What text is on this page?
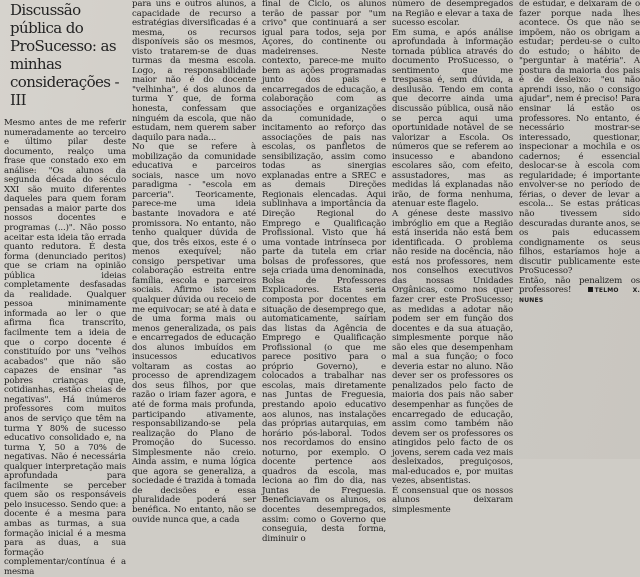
Discussão pública do ProSucesso: as minhas considerações - III

Mesmo antes de me referir numeradamente ao terceiro e último pilar deste documento, realço uma frase que constado exo em análise: "Os alunos da segunda década do século XXI são muito diferentes daqueles para quem foram pensadas a maior parte dos nossos docentes e programas (...)". Não posso aceitar esta ideia tão errada quanto redutora. É desta forma (denunciado peritos) que se criam na opinião pública ideias completamente desfasadas da realidade. Qualquer pessoa minimamente informada ao ler o que afirma fica transcrito, facilmente tem a ideia de que o corpo docente é constituído por uns "velhos acabados" que não são capazes de ensinar "as pobres crianças que, cotidianhas, estão cheias de negativas". Há inúmeros professores com muitos anos de serviço que têm na turma Y 80% de sucesso educativo consolidado e, na turma Y, 50 a 70% de negativas. Não é necessária qualquer interpretação mais aprofundada para facilmente se perceber quem são os responsáveis pelo insucesso. Sendo que: a docente é a mesma para ambas as turmas, a sua formação inicial é a mesma para as duas, a sua formação complementar/contínua é a mesma

para uns e outros alunos, a capacidade de recurso a estratégias diversificadas é a mesma, os recursos disponíveis são os mesmos, visto tratarem-se de duas turmas da mesma escola. Logo, a responsabilidade maior não é do docente "velhinha", é dos alunos da turma Y que, de forma honesta, confessam que ninguém da escola, que não estudam, nem querem saber daquilo para nada...
No que se refere à mobilização da comunidade educativa e parceiros sociais, nasce um novo paradigma - "escola em parceria". Teoricamente, parece-me uma ideia bastante inovadora e até promissora. No entanto, não tenho qualquer dúvida de que, dos três eixos, este é o menos exequível; não consigo perspetivar uma colaboração estreita entre família, escola e parceiros sociais. Afirmo isto sem qualquer dúvida ou receio de me equivocar; se até à data e de uma forma mais ou menos generalizada, os pais e encarregados de educação dos alunos imbuídos em insucessos educativos voltaram as costas ao processo de aprendizagem dos seus filhos, por que razão o iriam fazer agora, e até de forma mais profunda, participando ativamente, responsabilizando-se pela realização do Plano de Promoção do Sucesso. Simplesmente não creio. Ainda assim, e numa lógica que agora se generaliza, a sociedade é trazida à tomada de decisões e essa pluralidade poderá ser benéfica. No entanto, não se ouvide nunca que, a cada

final de Ciclo, os alunos terão de passar por "um crivo" que continuará a ser igual para todos, seja por Açores, do continente ou madeirenses. Neste contexto, parece-me muito bem as ações programadas junto dos pais e encarregados de educação, a colaboração com as associações e organizações da comunidade, o incitamento ao reforço das associações de pais nas escolas, os panfletos de sensibilização, assim como todas as sinergias explanadas entre a SREC e as demais Direções Regionais elencadas. Aqui sublinhava a importância da Direção Regional do Emprego e Qualificação Profissional. Visto que há uma vontade intrínseca por parte da tutela em criar bolsas de professores, que seja criada uma denominada, Bolsa de Professores Explicadores. Esta seria composta por docentes em situação de desemprego que, automaticamente, saíriam das listas da Agência de Emprego e Qualificação Profissional (o que me parece positivo para o próprio Governo), e colocados a trabalhar nas escolas, mais diretamente nas Juntas de Freguesia, prestando apoio educativo aos alunos, nas instalações das próprias autarquias, em horário pós-laboral. Todos nos recordamos do ensino noturno, por exemplo. O docente pertence aos quadros da escola, mas leciona ao fim do dia, nas Juntas de Freguesia. Beneficiavam os alunos, os docentes desempregados, assim: como o Governo que conseguia, desta forma, diminuir o

número de desempregados na Região e elevar a taxa de sucesso escolar.
Em suma, e após análise aprofundada à informação tornada pública através do documento ProSucesso, o sentimento que me trespassa é, sem dúvida, a desilusão. Tendo em conta que decorre ainda uma discussão pública, ousã não se perca aqui uma oportunidade notável de se valorizar a Escola. Os números que se referem ao insucesso e abandono escolares são, com efeito, assustadores, mas as medidas lá explanadas não irão, de forma nenhuma, atenuar este flagelo.
A génese deste massivo imbróglio em que a Região está inserida não está bem identificada. O problema não reside na docência, não está nos professores, nem nos conselhos executivos das nossas Unidades Orgânicas, como nos quer fazer crer este ProSucesso; as medidas a adotar não podem ser em função dos docentes e da sua atuação, simplesmente porque não são eles que desempenham mal a sua função; o foco deveria estar no aluno. Não dever ser os professores os penalizados pelo facto de maioria dos pais não saber desempenhar as funções de encarregado de educação, assim como também não devem ser os professores os atingidos pelo facto de os jovens, serem cada vez mais desleixados, preguiçosos, mal-educados e, por muitas vezes, absentistas.
É consensual que os nossos alunos deixaram simplesmente

de estudar, e deixaram de o fazer porque nada lhes acontece. Os que não se impõem, não os obrigam a estudar; perdeu-se o culto do estudo; o hábito de "perguntar à matéria". A postura da maioria dos pais é de desleixo: "eu não aprendi isso, não o consigo ajudar", nem é preciso! Para ensinar lá estão os professores. No entanto, é necessário mostrar-se interessado, questionar, inspecionar a mochila e os cadernos; é essencial deslocar-se à escola com regularidade; é importante envolver-se no período de férias, o dever de levar a escola... Se estas práticas não tivessem sido descuradas durante anos, se os pais educassem condignamente os seus filhos, estaríamos hoje a discutir publicamente este ProSucesso?
Então, não penalizem os professores!	TELMO X. NUNES
